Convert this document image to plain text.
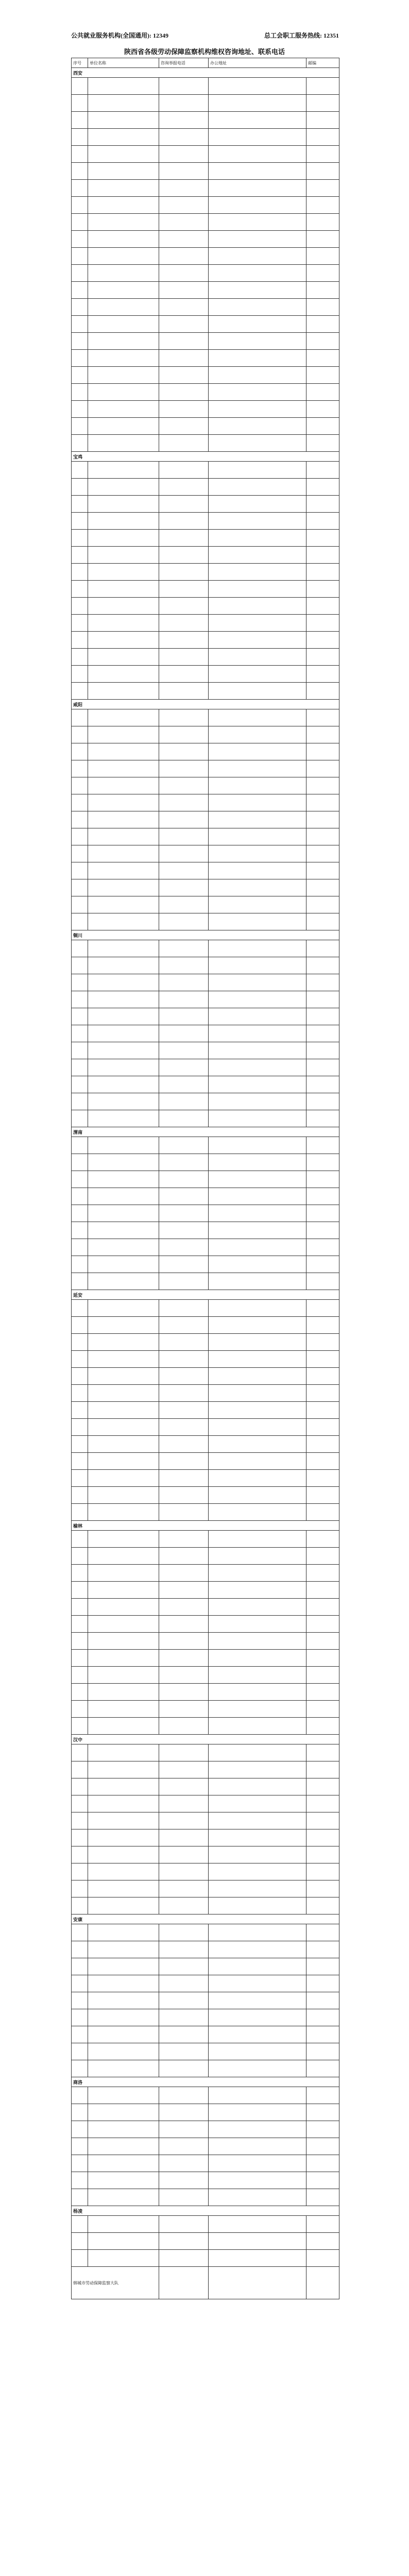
公共就业服务机构(全国通用): 12349	总工会职工服务热线: 12351
陕西省各级劳动保障监察机构维权咨询地址、联系电话
序号	单位名称	咨询举报电话	办公地址	邮编
西安				

宝鸡				

咸阳				

铜川				

渭南				

延安				

榆林				

汉中				

安康				

商洛				

杨凌				

韩城市劳动保障监察大队				
